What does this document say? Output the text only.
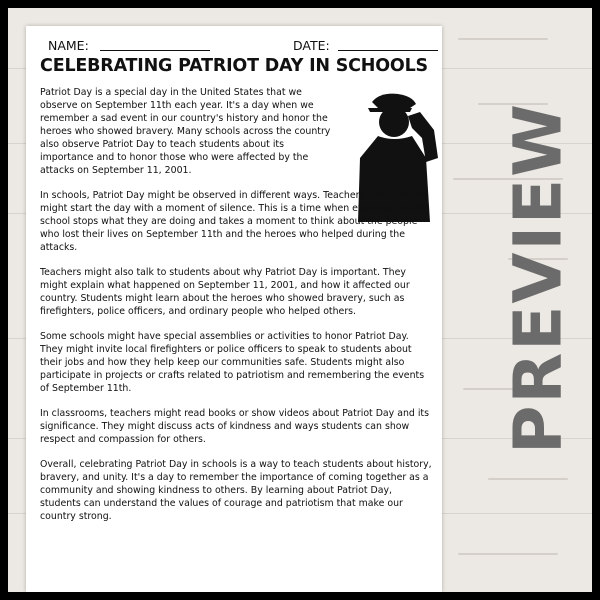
NAME:	DATE:
CELEBRATING PATRIOT DAY IN SCHOOLS

Patriot Day is a special day in the United States that we observe on September 11th each year. It's a day when we remember a sad event in our country's history and honor the heroes who showed bravery. Many schools across the country also observe Patriot Day to teach students about its importance and to honor those who were affected by the attacks on September 11, 2001.

In schools, Patriot Day might be observed in different ways. Teachers and students might start the day with a moment of silence. This is a time when everyone in the school stops what they are doing and takes a moment to think about the people who lost their lives on September 11th and the heroes who helped during the attacks.

Teachers might also talk to students about why Patriot Day is important. They might explain what happened on September 11, 2001, and how it affected our country. Students might learn about the heroes who showed bravery, such as firefighters, police officers, and ordinary people who helped others.

Some schools might have special assemblies or activities to honor Patriot Day. They might invite local firefighters or police officers to speak to students about their jobs and how they help keep our communities safe. Students might also participate in projects or crafts related to patriotism and remembering the events of September 11th.

In classrooms, teachers might read books or show videos about Patriot Day and its significance. They might discuss acts of kindness and ways students can show respect and compassion for others.

Overall, celebrating Patriot Day in schools is a way to teach students about history, bravery, and unity. It's a day to remember the importance of coming together as a community and showing kindness to others. By learning about Patriot Day, students can understand the values of courage and patriotism that make our country strong.

PREVIEW
